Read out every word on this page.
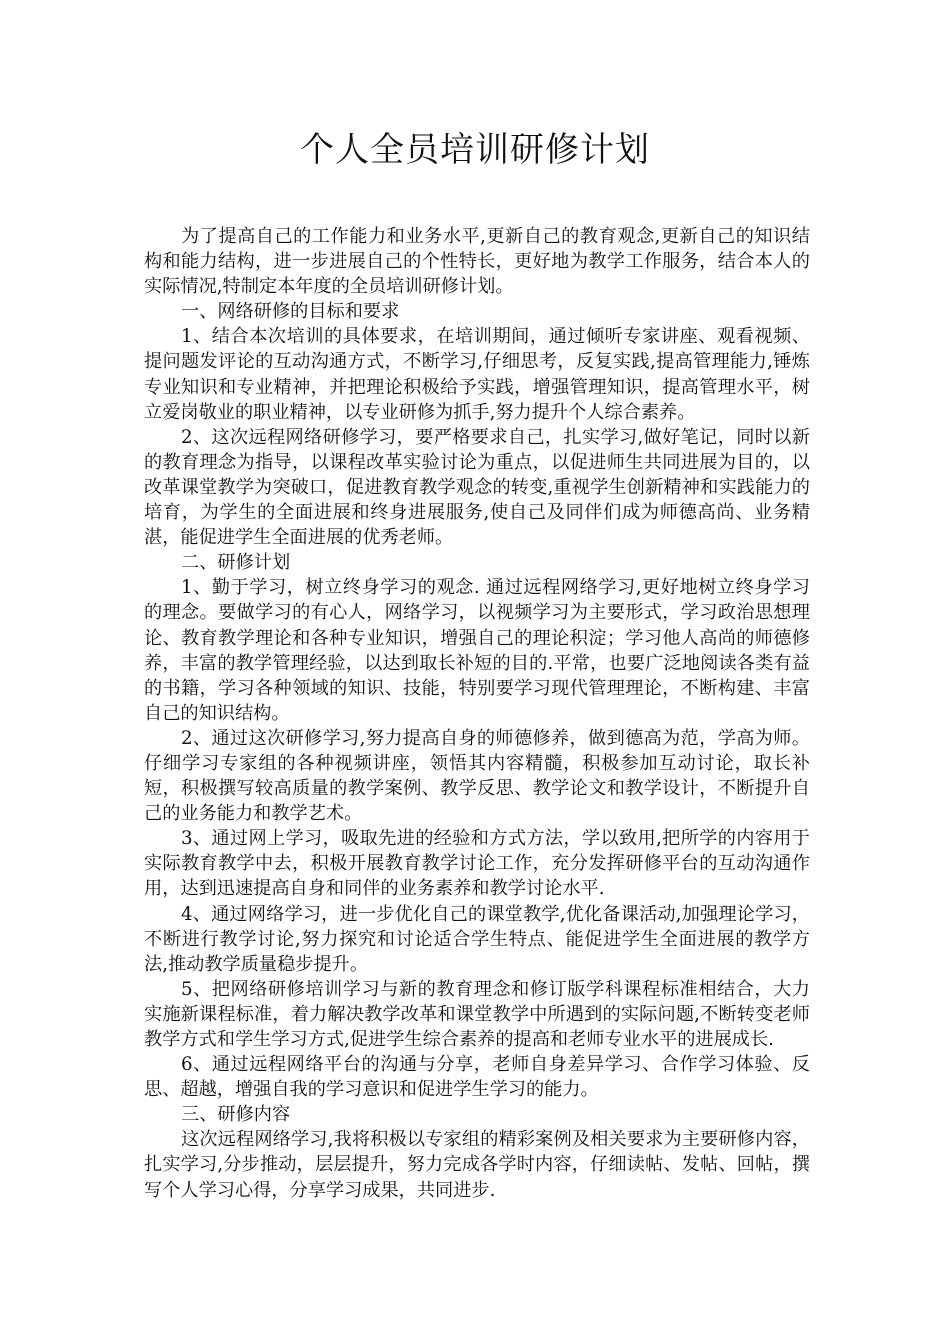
个人全员培训研修计划

为了提高自己的工作能力和业务水平,更新自己的教育观念,更新自己的知识结构和能力结构，进一步进展自己的个性特长，更好地为教学工作服务，结合本人的实际情况,特制定本年度的全员培训研修计划。

一、网络研修的目标和要求

1、结合本次培训的具体要求，在培训期间，通过倾听专家讲座、观看视频、提问题发评论的互动沟通方式，不断学习,仔细思考，反复实践,提高管理能力,锤炼专业知识和专业精神，并把理论积极给予实践，增强管理知识，提高管理水平，树立爱岗敬业的职业精神，以专业研修为抓手,努力提升个人综合素养。

2、这次远程网络研修学习，要严格要求自己，扎实学习,做好笔记，同时以新的教育理念为指导，以课程改革实验讨论为重点，以促进师生共同进展为目的，以改革课堂教学为突破口，促进教育教学观念的转变,重视学生创新精神和实践能力的培育，为学生的全面进展和终身进展服务,使自己及同伴们成为师德高尚、业务精湛，能促进学生全面进展的优秀老师。

二、研修计划

1、勤于学习，树立终身学习的观念. 通过远程网络学习,更好地树立终身学习的理念。要做学习的有心人，网络学习，以视频学习为主要形式，学习政治思想理论、教育教学理论和各种专业知识，增强自己的理论积淀；学习他人高尚的师德修养，丰富的教学管理经验，以达到取长补短的目的.平常，也要广泛地阅读各类有益的书籍，学习各种领域的知识、技能，特别要学习现代管理理论，不断构建、丰富自己的知识结构。

2、通过这次研修学习,努力提高自身的师德修养，做到德高为范，学高为师。仔细学习专家组的各种视频讲座，领悟其内容精髓，积极参加互动讨论，取长补短，积极撰写较高质量的教学案例、教学反思、教学论文和教学设计，不断提升自己的业务能力和教学艺术。

3、通过网上学习，吸取先进的经验和方式方法，学以致用,把所学的内容用于实际教育教学中去，积极开展教育教学讨论工作，充分发挥研修平台的互动沟通作用，达到迅速提高自身和同伴的业务素养和教学讨论水平.

4、通过网络学习，进一步优化自己的课堂教学,优化备课活动,加强理论学习，不断进行教学讨论,努力探究和讨论适合学生特点、能促进学生全面进展的教学方法,推动教学质量稳步提升。

5、把网络研修培训学习与新的教育理念和修订版学科课程标准相结合，大力实施新课程标准，着力解决教学改革和课堂教学中所遇到的实际问题,不断转变老师教学方式和学生学习方式,促进学生综合素养的提高和老师专业水平的进展成长.

6、通过远程网络平台的沟通与分享，老师自身差异学习、合作学习体验、反思、超越，增强自我的学习意识和促进学生学习的能力。

三、研修内容

这次远程网络学习,我将积极以专家组的精彩案例及相关要求为主要研修内容，扎实学习,分步推动，层层提升，努力完成各学时内容，仔细读帖、发帖、回帖，撰写个人学习心得，分享学习成果，共同进步.
